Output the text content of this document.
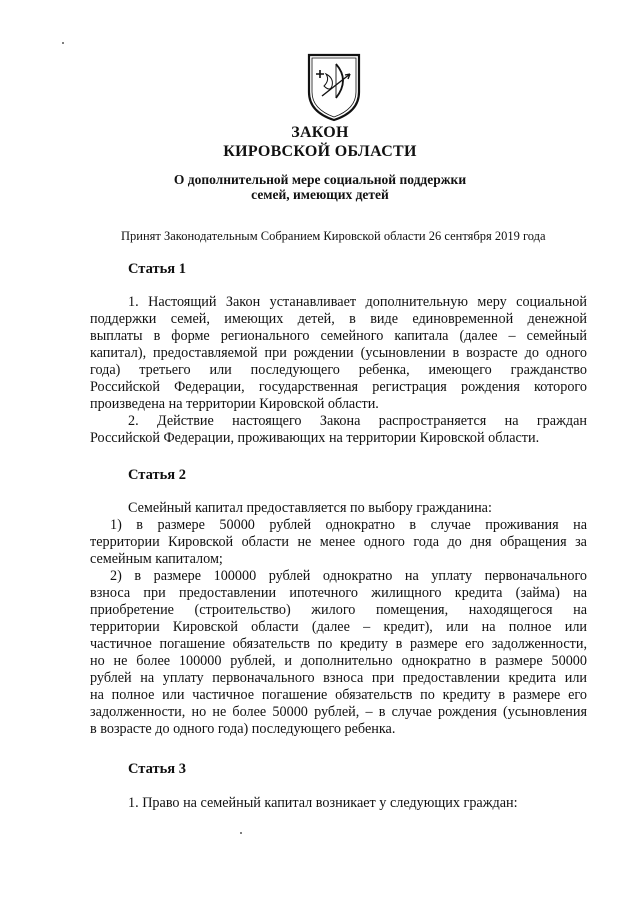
ЗАКОН
КИРОВСКОЙ ОБЛАСТИ
О дополнительной мере социальной поддержки
семей, имеющих детей
Принят Законодательным Собранием Кировской области 26 сентября 2019 года
Статья 1
1. Настоящий Закон устанавливает дополнительную меру социальной
поддержки семей, имеющих детей, в виде единовременной денежной
выплаты в форме регионального семейного капитала (далее – семейный
капитал), предоставляемой при рождении (усыновлении в возрасте до одного
года) третьего или последующего ребенка, имеющего гражданство
Российской Федерации, государственная регистрация рождения которого
произведена на территории Кировской области.
2. Действие настоящего Закона распространяется на граждан
Российской Федерации, проживающих на территории Кировской области.
Статья 2
Семейный капитал предоставляется по выбору гражданина:
1) в размере 50000 рублей однократно в случае проживания на
территории Кировской области не менее одного года до дня обращения за
семейным капиталом;
2) в размере 100000 рублей однократно на уплату первоначального
взноса при предоставлении ипотечного жилищного кредита (займа) на
приобретение (строительство) жилого помещения, находящегося на
территории Кировской области (далее – кредит), или на полное или
частичное погашение обязательств по кредиту в размере его задолженности,
но не более 100000 рублей, и дополнительно однократно в размере 50000
рублей на уплату первоначального взноса при предоставлении кредита или
на полное или частичное погашение обязательств по кредиту в размере его
задолженности, но не более 50000 рублей, – в случае рождения (усыновления
в возрасте до одного года) последующего ребенка.
Статья 3
1. Право на семейный капитал возникает у следующих граждан:
